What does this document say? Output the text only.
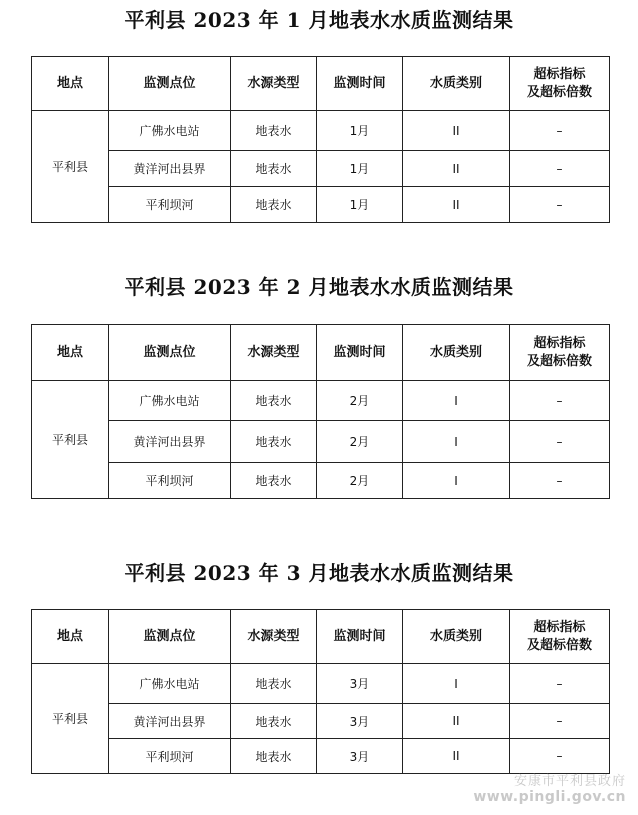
平利县 2023 年 1 月地表水水质监测结果
地点	监测点位	水源类型	监测时间	水质类别	超标指标
及超标倍数
平利县	广佛水电站	地表水	1月	II	–
	黄洋河出县界	地表水	1月	II	–
	平利坝河	地表水	1月	II	–
平利县 2023 年 2 月地表水水质监测结果
地点	监测点位	水源类型	监测时间	水质类别	超标指标
及超标倍数
平利县	广佛水电站	地表水	2月	I	–
	黄洋河出县界	地表水	2月	I	–
	平利坝河	地表水	2月	I	–
平利县 2023 年 3 月地表水水质监测结果
地点	监测点位	水源类型	监测时间	水质类别	超标指标
及超标倍数
平利县	广佛水电站	地表水	3月	I	–
	黄洋河出县界	地表水	3月	II	–
	平利坝河	地表水	3月	II	–
安康市平利县政府
www.pingli.gov.cn
